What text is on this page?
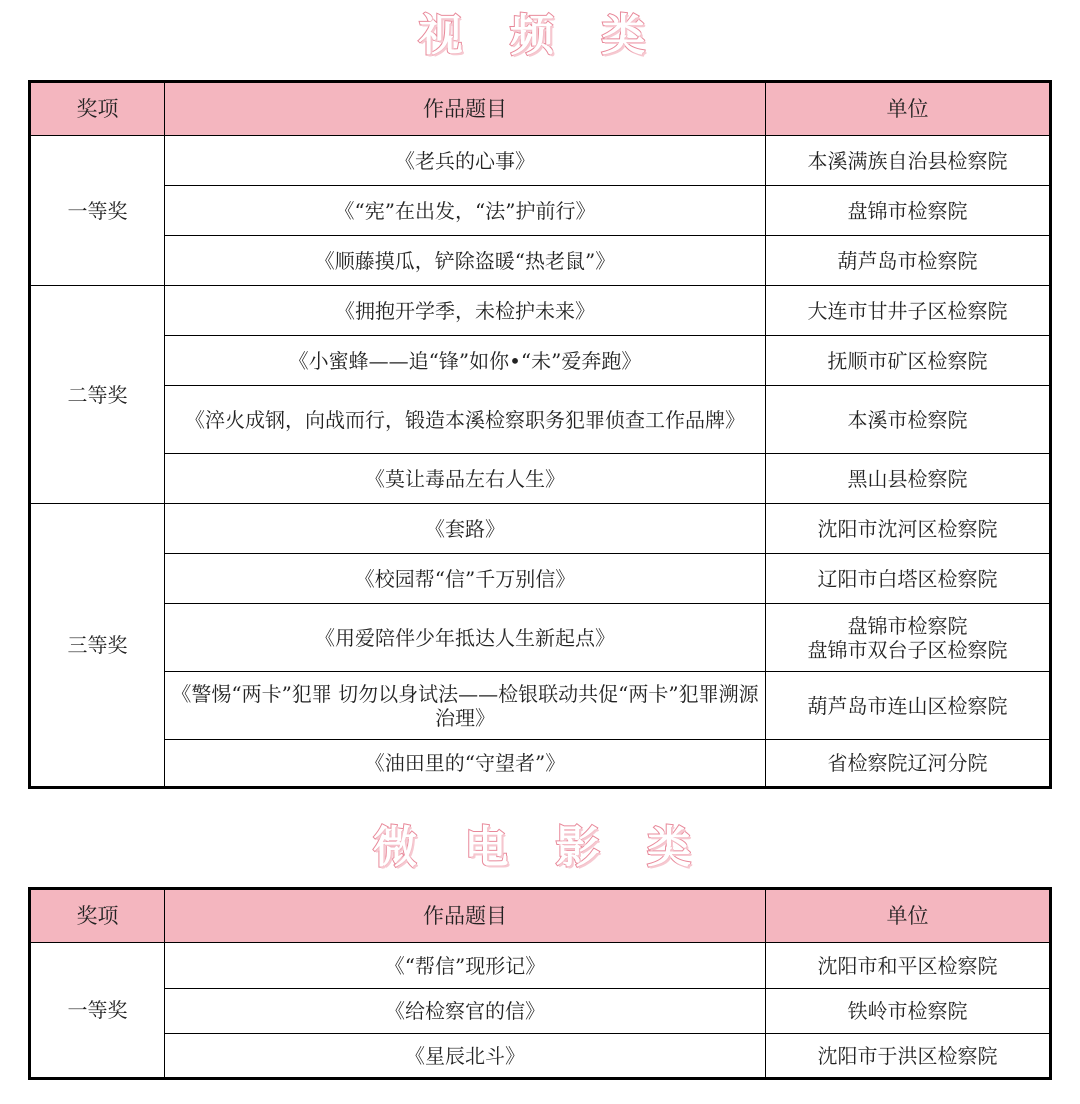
视 频 类
奖项	作品题目	单位
一等奖	《老兵的心事》	本溪满族自治县检察院
	《“宪”在出发，“法”护前行》	盘锦市检察院
	《顺藤摸瓜，铲除盗暖“热老鼠”》	葫芦岛市检察院
二等奖	《拥抱开学季，未检护未来》	大连市甘井子区检察院
	《小蜜蜂——追“锋”如你•“未”爱奔跑》	抚顺市矿区检察院
	《淬火成钢，向战而行，锻造本溪检察职务犯罪侦查工作品牌》	本溪市检察院
	《莫让毒品左右人生》	黑山县检察院
三等奖	《套路》	沈阳市沈河区检察院
	《校园帮“信”千万别信》	辽阳市白塔区检察院
	《用爱陪伴少年抵达人生新起点》	盘锦市检察院
盘锦市双台子区检察院

	《警惕“两卡”犯罪 切勿以身试法——检银联动共促“两卡”犯罪溯源治理》	葫芦岛市连山区检察院
	《油田里的“守望者”》	省检察院辽河分院
微 电 影 类
奖项	作品题目	单位
一等奖	《“帮信”现形记》	沈阳市和平区检察院
	《给检察官的信》	铁岭市检察院
	《星辰北斗》	沈阳市于洪区检察院
